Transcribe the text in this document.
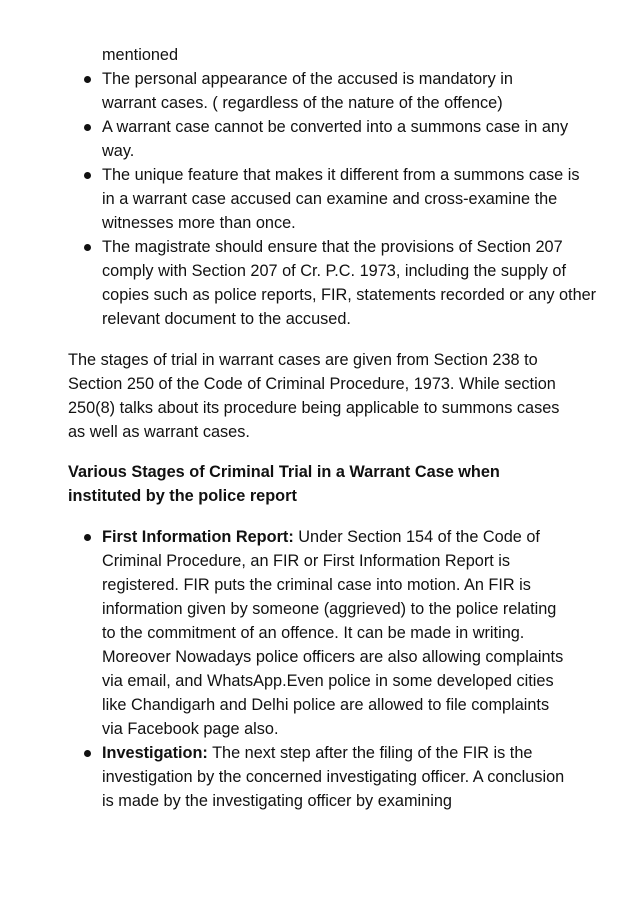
mentioned
The personal appearance of the accused is mandatory in warrant cases. ( regardless of the nature of the offence)
A warrant case cannot be converted into a summons case in any way.
The unique feature that makes it different from a summons case is in a warrant case accused can examine and cross-examine the witnesses more than once.
The magistrate should ensure that the provisions of Section 207 comply with Section 207 of Cr. P.C. 1973, including the supply of copies such as police reports, FIR, statements recorded or any other relevant document to the accused.

The stages of trial in warrant cases are given from Section 238 to Section 250 of the Code of Criminal Procedure, 1973. While section 250(8) talks about its procedure being applicable to summons cases as well as warrant cases.

Various Stages of Criminal Trial in a Warrant Case when instituted by the police report
First Information Report: Under Section 154 of the Code of Criminal Procedure, an FIR or First Information Report is registered. FIR puts the criminal case into motion. An FIR is information given by someone (aggrieved) to the police relating to the commitment of an offence. It can be made in writing. Moreover Nowadays police officers are also allowing complaints via email, and WhatsApp.Even police in some developed cities like Chandigarh and Delhi police are allowed to file complaints via Facebook page also.
Investigation: The next step after the filing of the FIR is the investigation by the concerned investigating officer. A conclusion is made by the investigating officer by examining
